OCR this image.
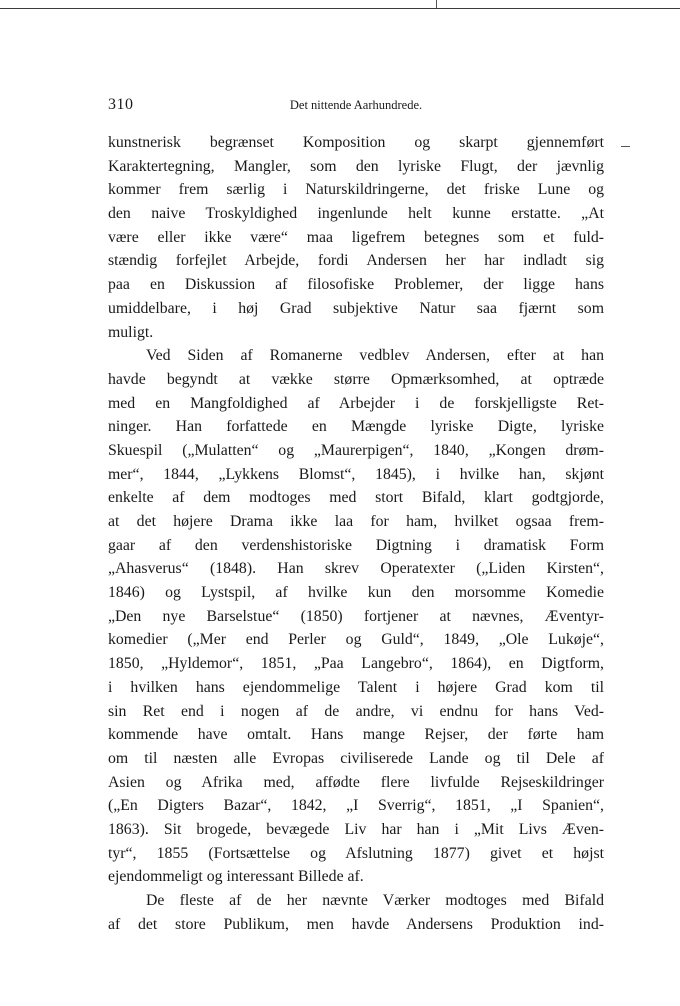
310	Det nittende Aarhundrede.
kunstnerisk begrænset Komposition og skarpt gjennemført
Karaktertegning, Mangler, som den lyriske Flugt, der jævnlig
kommer frem særlig i Naturskildringerne, det friske Lune og
den naive Troskyldighed ingenlunde helt kunne erstatte. „At
være eller ikke være“ maa ligefrem betegnes som et fuld-
stændig forfejlet Arbejde, fordi Andersen her har indladt sig
paa en Diskussion af filosofiske Problemer, der ligge hans
umiddelbare, i høj Grad subjektive Natur saa fjærnt som
muligt.
Ved Siden af Romanerne vedblev Andersen, efter at han
havde begyndt at vække større Opmærksomhed, at optræde
med en Mangfoldighed af Arbejder i de forskjelligste Ret-
ninger. Han forfattede en Mængde lyriske Digte, lyriske
Skuespil („Mulatten“ og „Maurerpigen“, 1840, „Kongen drøm-
mer“, 1844, „Lykkens Blomst“, 1845), i hvilke han, skjønt
enkelte af dem modtoges med stort Bifald, klart godtgjorde,
at det højere Drama ikke laa for ham, hvilket ogsaa frem-
gaar af den verdenshistoriske Digtning i dramatisk Form
„Ahasverus“ (1848). Han skrev Operatexter („Liden Kirsten“,
1846) og Lystspil, af hvilke kun den morsomme Komedie
„Den nye Barselstue“ (1850) fortjener at nævnes, Æventyr-
komedier („Mer end Perler og Guld“, 1849, „Ole Lukøje“,
1850, „Hyldemor“, 1851, „Paa Langebro“, 1864), en Digtform,
i hvilken hans ejendommelige Talent i højere Grad kom til
sin Ret end i nogen af de andre, vi endnu for hans Ved-
kommende have omtalt. Hans mange Rejser, der førte ham
om til næsten alle Evropas civiliserede Lande og til Dele af
Asien og Afrika med, affødte flere livfulde Rejseskildringer
(„En Digters Bazar“, 1842, „I Sverrig“, 1851, „I Spanien“,
1863). Sit brogede, bevægede Liv har han i „Mit Livs Æven-
tyr“, 1855 (Fortsættelse og Afslutning 1877) givet et højst
ejendommeligt og interessant Billede af.
De fleste af de her nævnte Værker modtoges med Bifald
af det store Publikum, men havde Andersens Produktion ind-
